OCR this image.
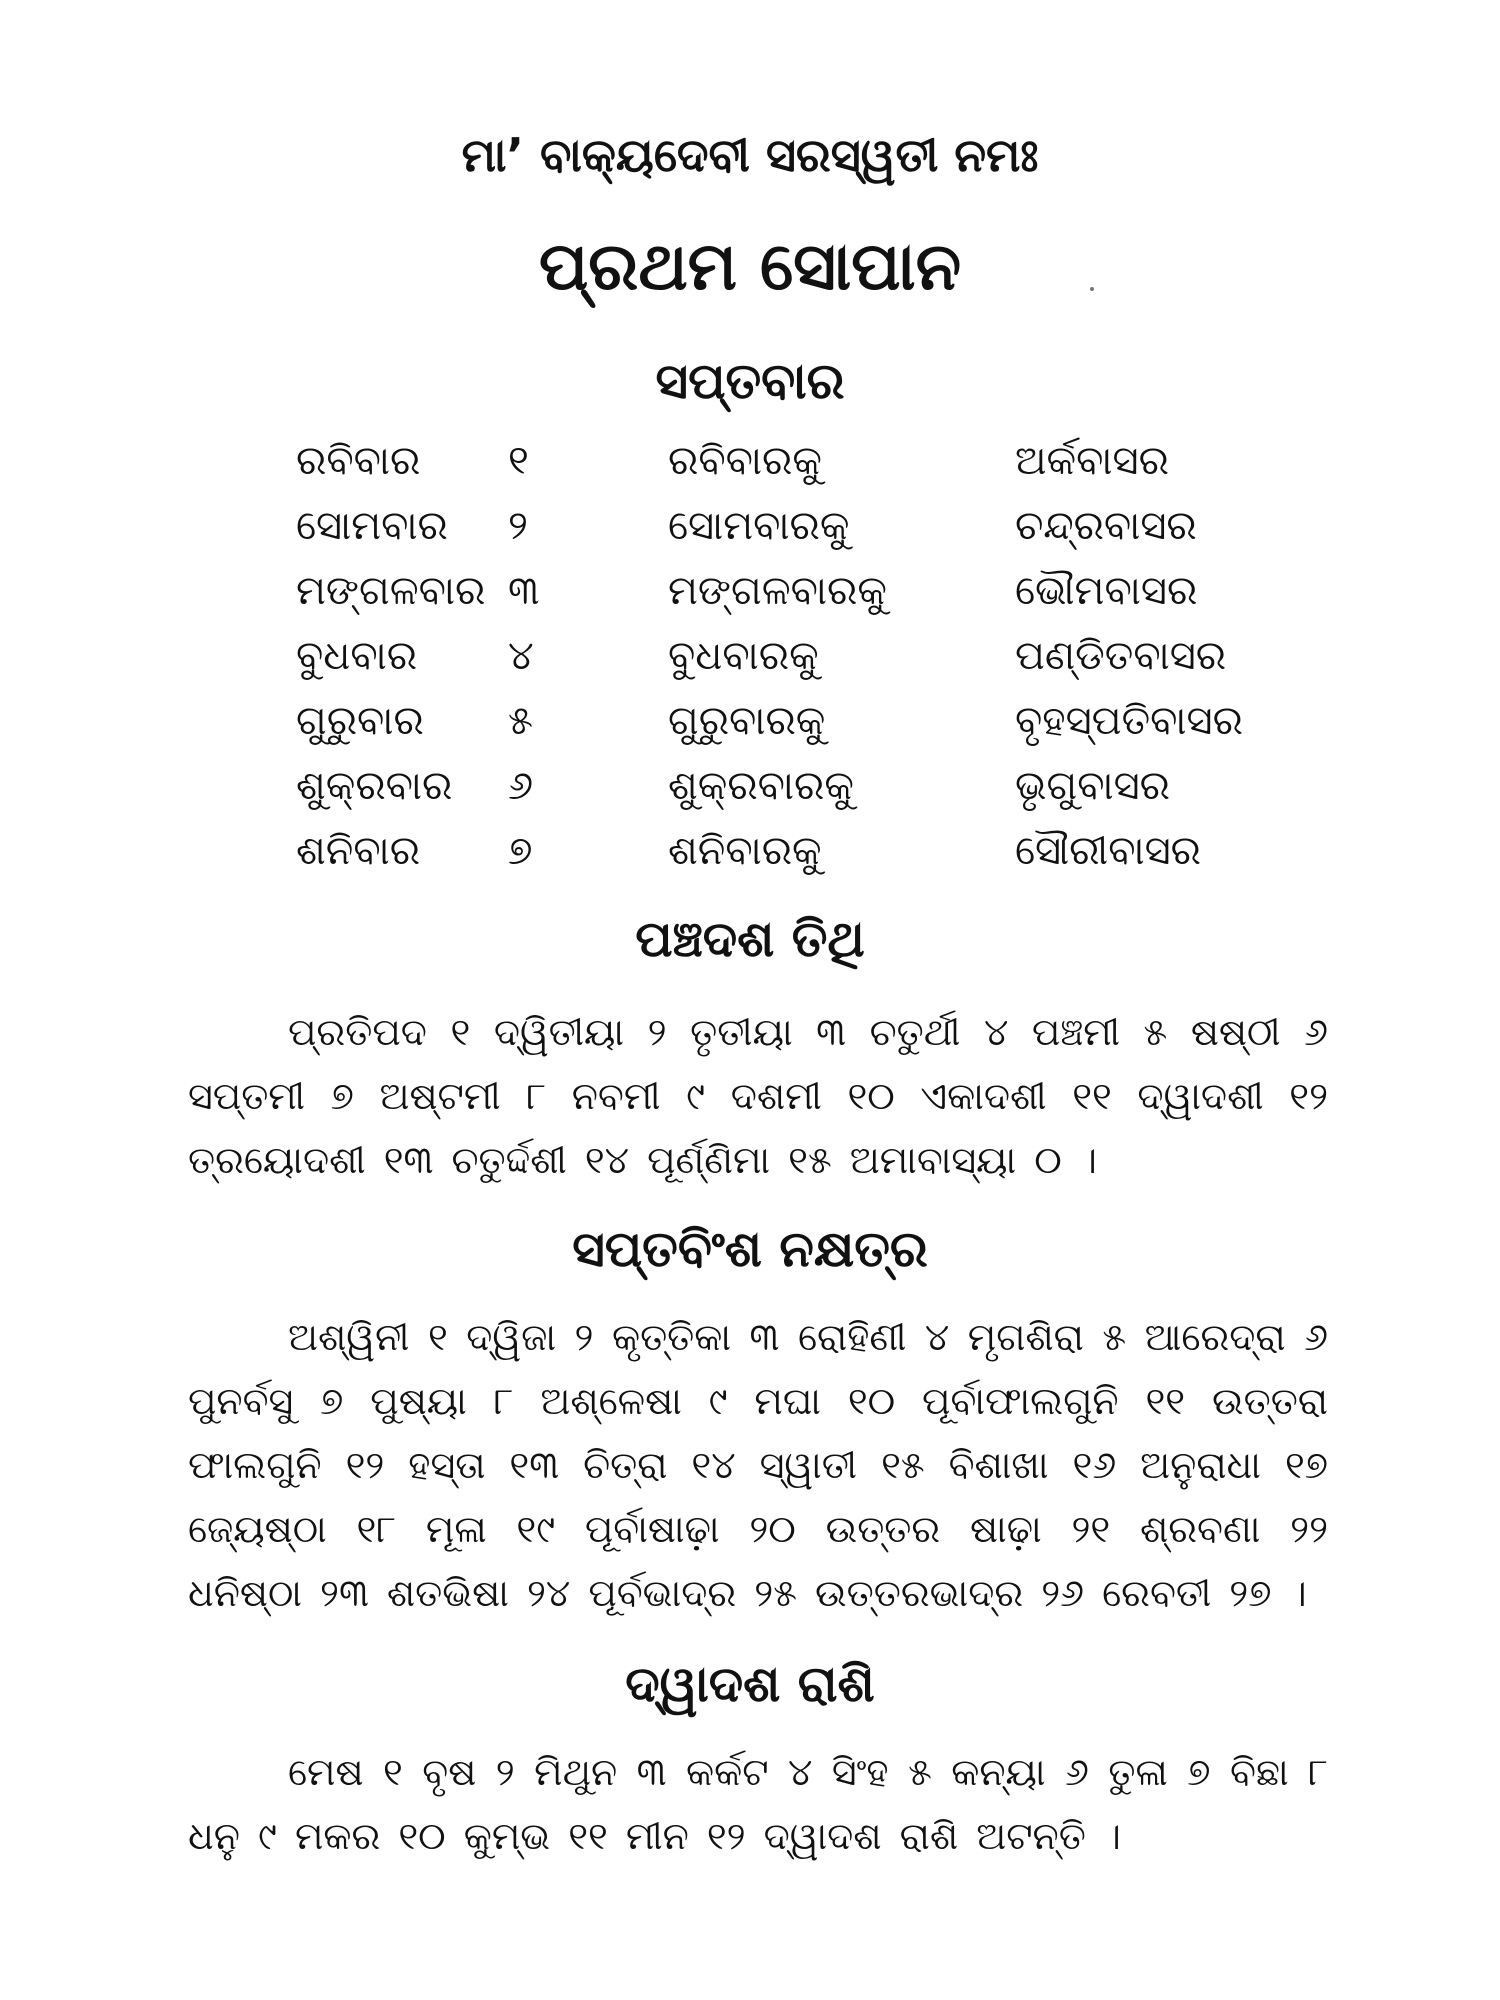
ମା’ ବାକ୍ୟଦେବୀ ସରସ୍ୱତୀ ନମଃ
ପ୍ରଥମ ସୋପାନ
ସପ୍ତବାର
ରବିବାର ୧	ରବିବାରକୁ	ଅର୍କବାସର
ସୋମବାର ୨	ସୋମବାରକୁ	ଚନ୍ଦ୍ରବାସର
ମଙ୍ଗଳବାର ୩	ମଙ୍ଗଳବାରକୁ	ଭୌମବାସର
ବୁଧବାର ୪	ବୁଧବାରକୁ	ପଣ୍ଡିତବାସର
ଗୁରୁବାର ୫	ଗୁରୁବାରକୁ	ବୃହସ୍ପତିବାସର
ଶୁକ୍ରବାର ୬	ଶୁକ୍ରବାରକୁ	ଭୃଗୁବାସର
ଶନିବାର ୭	ଶନିବାରକୁ	ସୌରୀବାସର
ପଞ୍ଚଦଶ ତିଥି
ପ୍ରତିପଦ ୧ ଦ୍ୱିତୀୟା ୨ ତୃତୀୟା ୩ ଚତୁର୍ଥୀ ୪ ପଞ୍ଚମୀ ୫ ଷଷ୍ଠୀ ୬ ସପ୍ତମୀ ୭ ଅଷ୍ଟମୀ ୮ ନବମୀ ୯ ଦଶମୀ ୧୦ ଏକାଦଶୀ ୧୧ ଦ୍ୱାଦଶୀ ୧୨ ତ୍ରୟୋଦଶୀ ୧୩ ଚତୁର୍ଦ୍ଦଶୀ ୧୪ ପୂର୍ଣ୍ଣିମା ୧୫ ଅମାବାସ୍ୟା ୦ ।
ସପ୍ତବିଂଶ ନକ୍ଷତ୍ର
ଅଶ୍ୱିନୀ ୧ ଦ୍ୱିଜା ୨ କୃତ୍ତିକା ୩ ରୋହିଣୀ ୪ ମୃଗଶିରା ୫ ଆରେଦ୍ରା ୬ ପୁନର୍ବସୁ ୭ ପୁଷ୍ୟା ୮ ଅଶ୍ଳେଷା ୯ ମଘା ୧୦ ପୂର୍ବାଫାଲଗୁନି ୧୧ ଉତ୍ତରା ଫାଲଗୁନି ୧୨ ହସ୍ତା ୧୩ ଚିତ୍ରା ୧୪ ସ୍ୱାତୀ ୧୫ ବିଶାଖା ୧୬ ଅନୁରାଧା ୧୭ ଜ୍ୟେଷ୍ଠା ୧୮ ମୂଳା ୧୯ ପୂର୍ବାଷାଢ଼ା ୨୦ ଉତ୍ତର ଷାଢ଼ା ୨୧ ଶ୍ରବଣା ୨୨ ଧନିଷ୍ଠା ୨୩ ଶତଭିଷା ୨୪ ପୂର୍ବଭାଦ୍ର ୨୫ ଉତ୍ତରଭାଦ୍ର ୨୬ ରେବତୀ ୨୭ ।
ଦ୍ୱାଦଶ ରାଶି
ମେଷ ୧ ବୃଷ ୨ ମିଥୁନ ୩ କର୍କଟ ୪ ସିଂହ ୫ କନ୍ୟା ୬ ତୁଳା ୭ ବିଛା ୮ ଧନୁ ୯ ମକର ୧୦ କୁମ୍ଭ ୧୧ ମୀନ ୧୨ ଦ୍ୱାଦଶ ରାଶି ଅଟନ୍ତି ।
